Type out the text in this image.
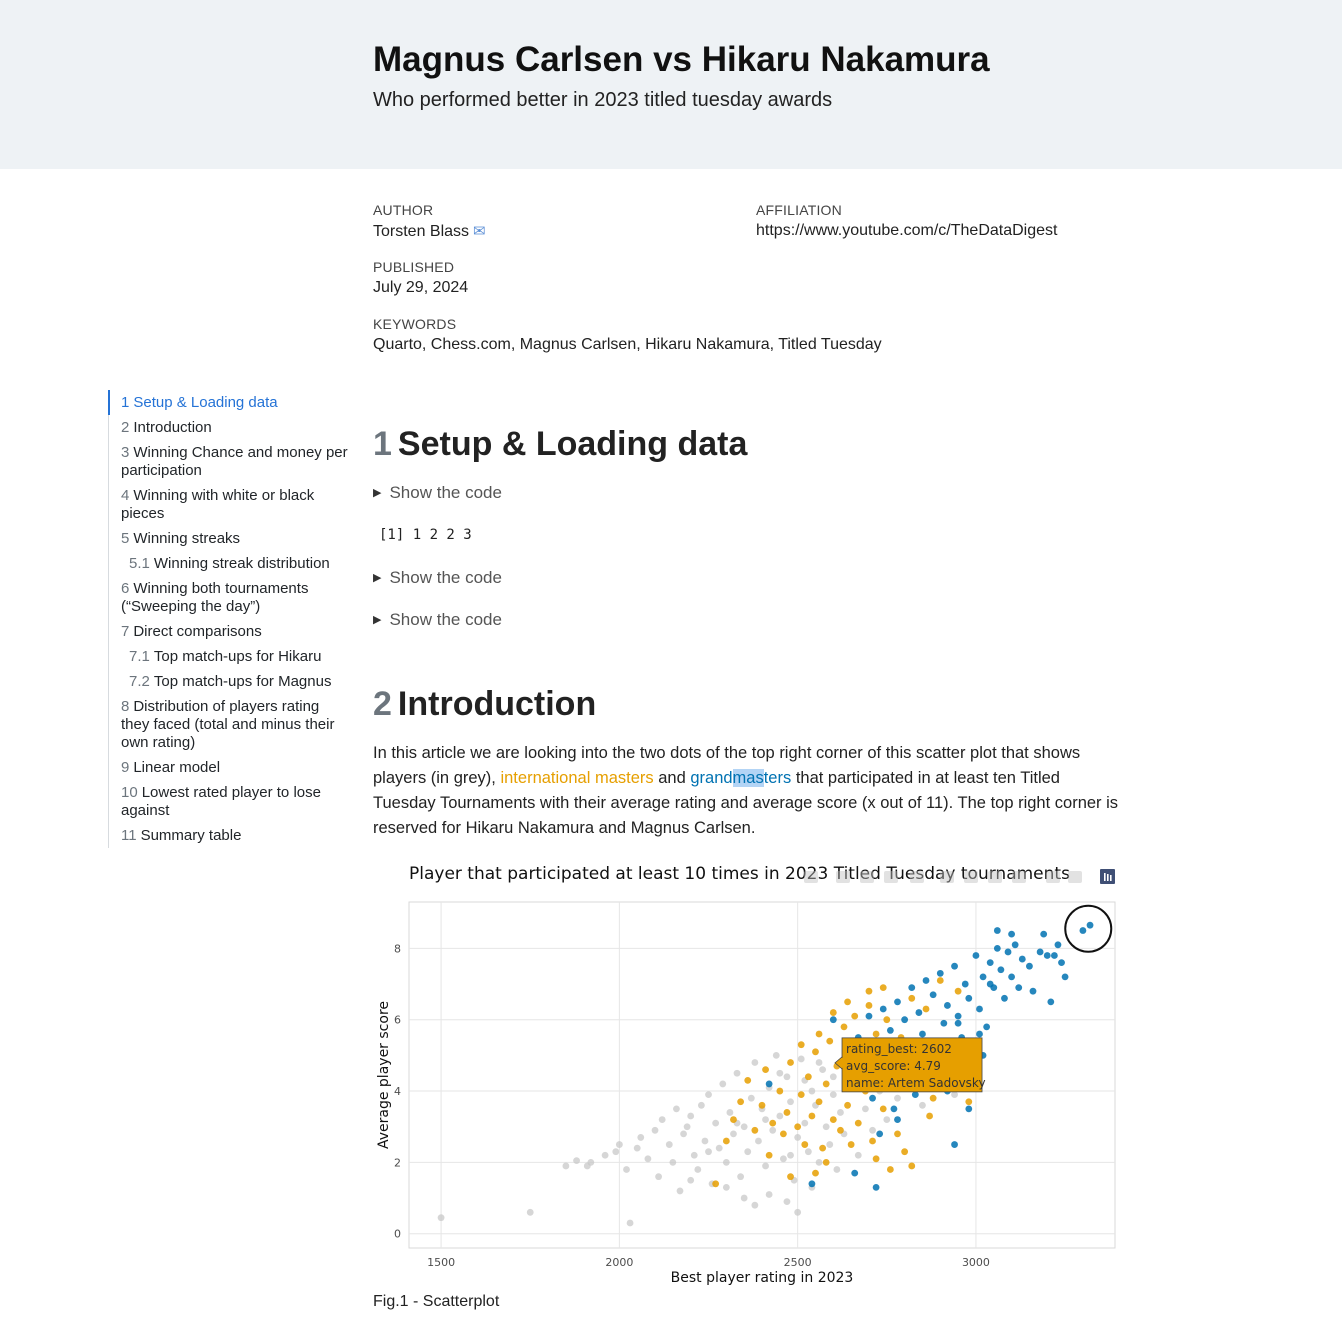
Magnus Carlsen vs Hikaru Nakamura

Who performed better in 2023 titled tuesday awards

AUTHOR
Torsten Blass ✉
AFFILIATION
https://www.youtube.com/c/TheDataDigest
PUBLISHED
July 29, 2024
KEYWORDS
Quarto, Chess.com, Magnus Carlsen, Hikaru Nakamura, Titled Tuesday
1 Setup & Loading data
2 Introduction
3 Winning Chance and money per participation
4 Winning with white or black pieces
5 Winning streaks
5.1 Winning streak distribution
6 Winning both tournaments (“Sweeping the day”)
7 Direct comparisons
7.1 Top match-ups for Hikaru
7.2 Top match-ups for Magnus
8 Distribution of players rating they faced (total and minus their own rating)
9 Linear model
10 Lowest rated player to lose against
11 Summary table
1 Setup & Loading data
▶ Show the code
[1] 1 2 2 3
▶ Show the code
▶ Show the code
2 Introduction

In this article we are looking into the two dots of the top right corner of this scatter plot that shows players (in grey), international masters and grandmasters that participated in at least ten Titled Tuesday Tournaments with their average rating and average score (x out of 11). The top right corner is reserved for Hikaru Nakamura and Magnus Carlsen.

0
2
4
6
8
1500	2000	2500	3000
Player that participated at least 10 times in 2023 Titled Tuesday tournaments
Best player rating in 2023
Average player score	rating_best: 2602
avg_score: 4.79
name: Artem Sadovsky
Fig.1 - Scatterplot
